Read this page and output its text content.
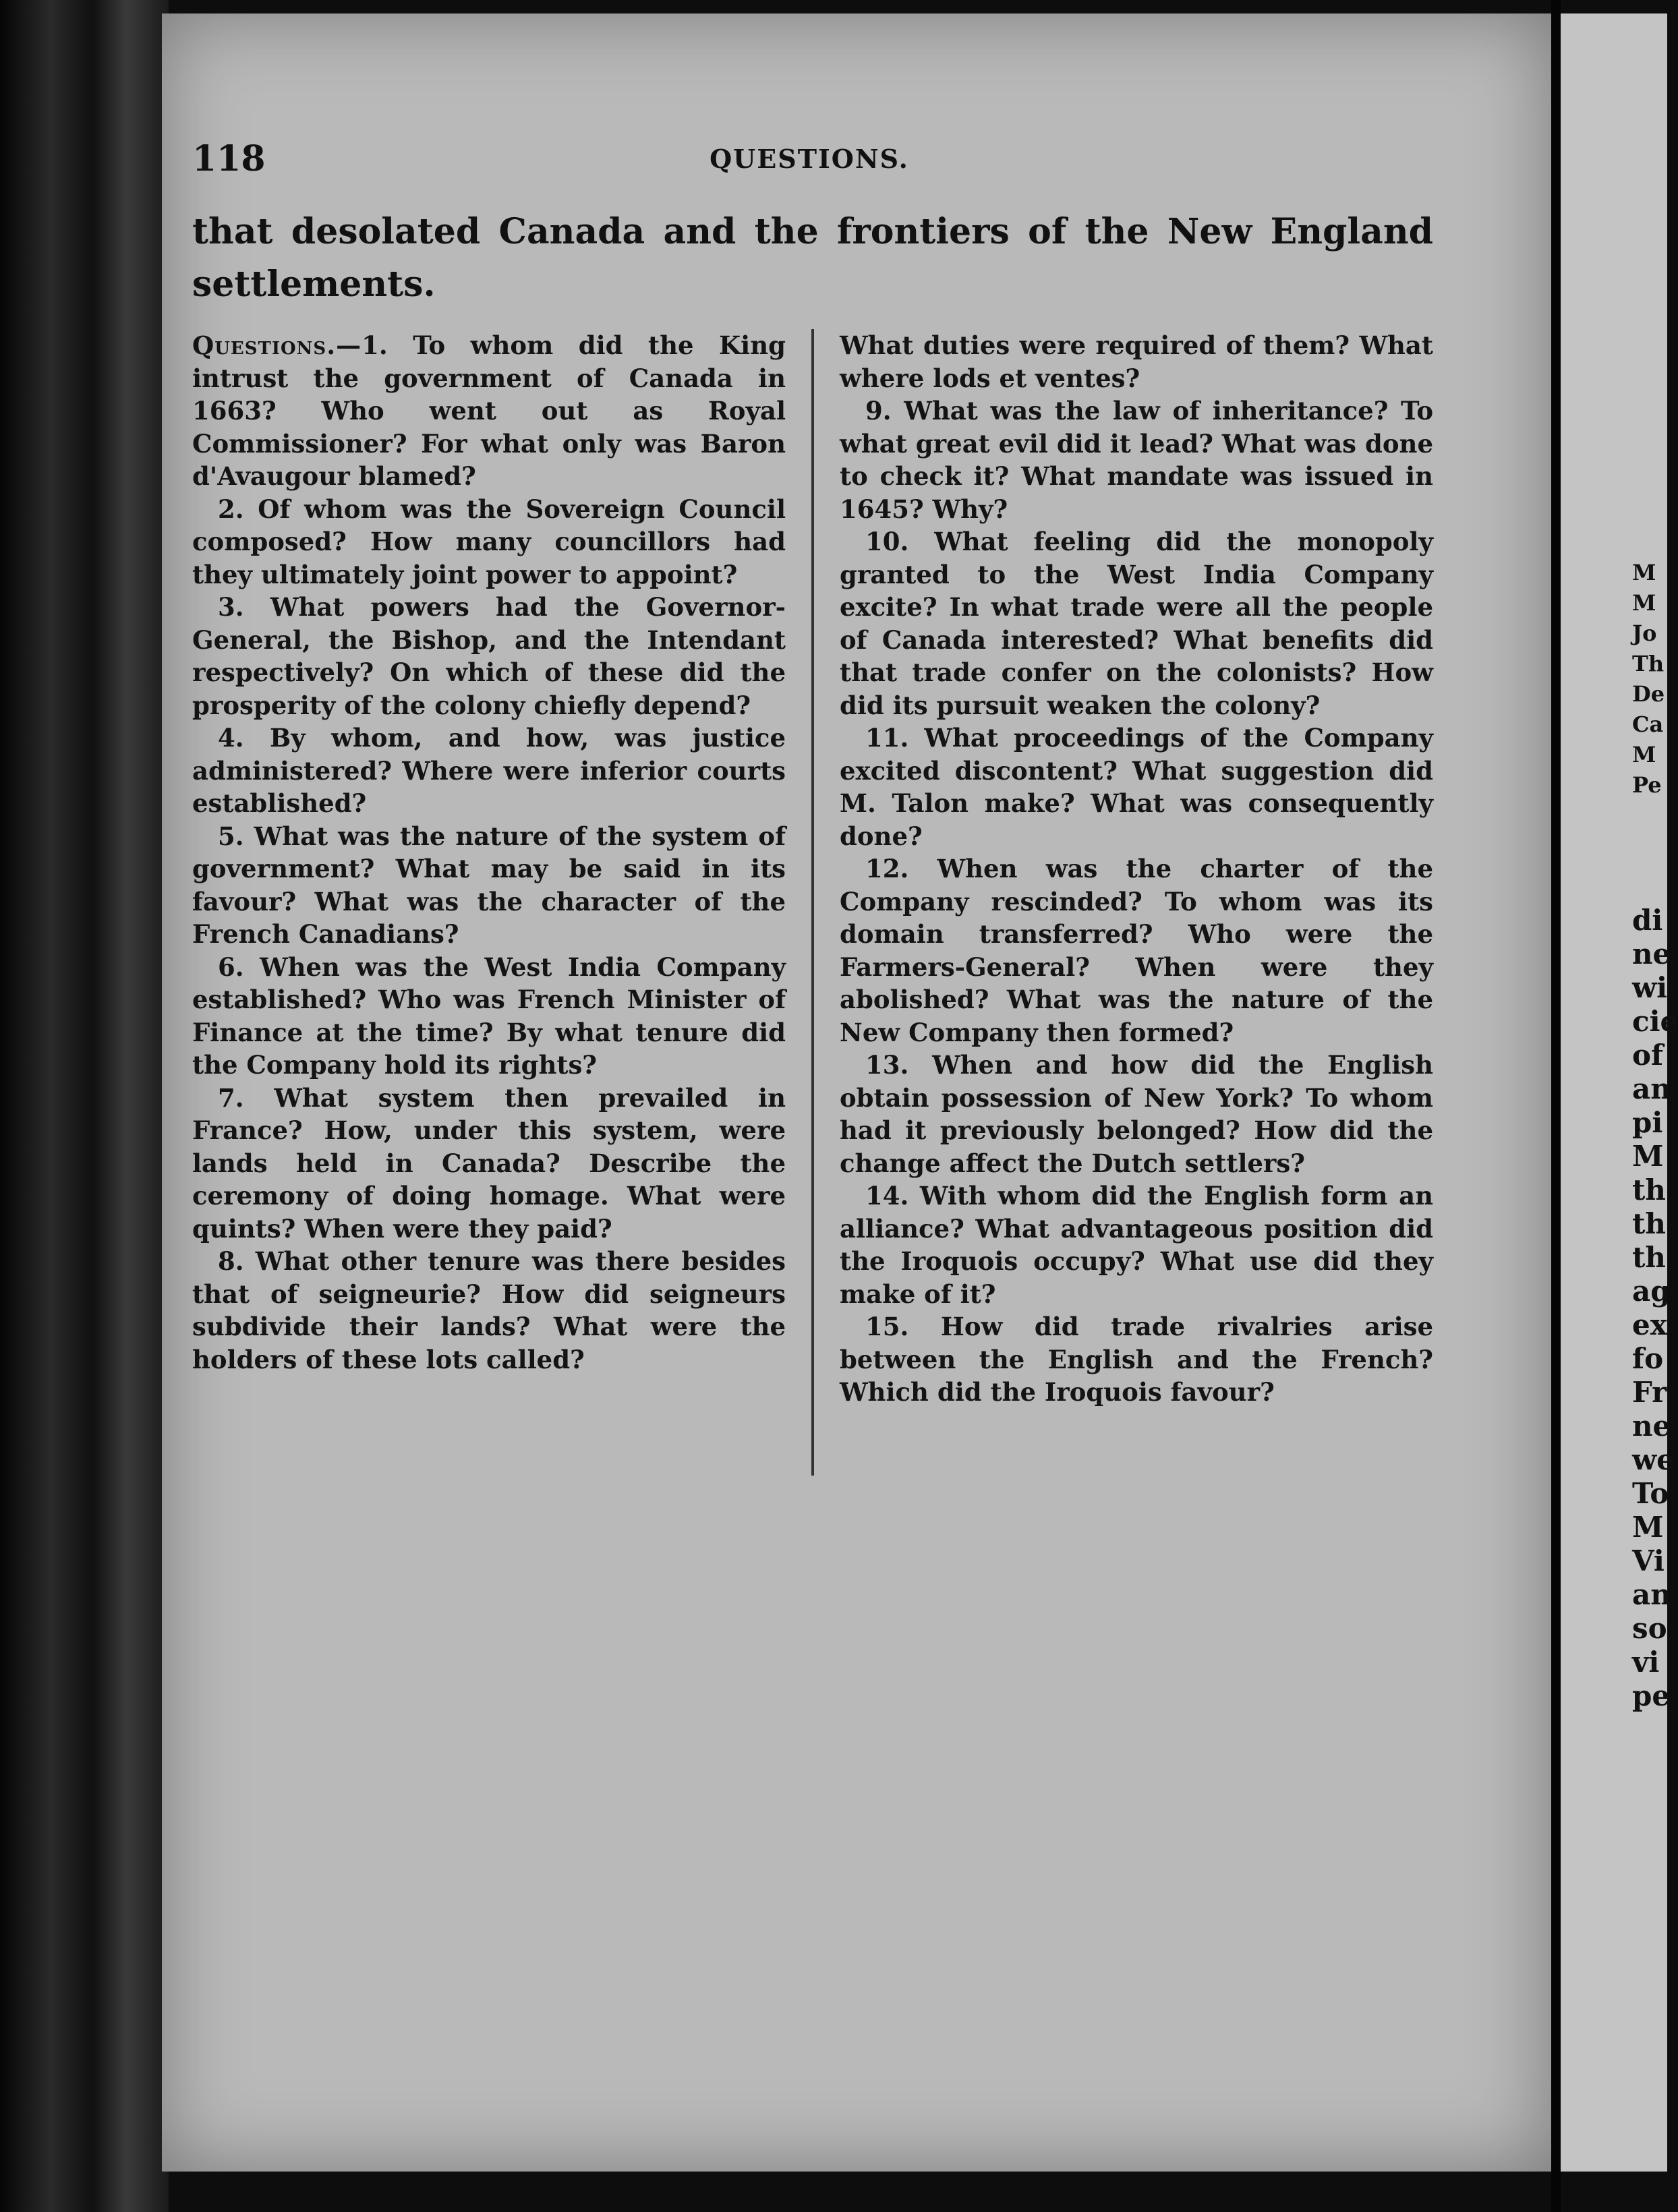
118	QUESTIONS.
that desolated Canada and the frontiers of the New England settlements.

Questions.—1. To whom did the King intrust the government of Canada in 1663? Who went out as Royal Commissioner? For what only was Baron d'Avaugour blamed?

2. Of whom was the Sovereign Council composed? How many councillors had they ultimately joint power to appoint?

3. What powers had the Governor-General, the Bishop, and the Intendant respectively? On which of these did the prosperity of the colony chiefly depend?

4. By whom, and how, was justice administered? Where were inferior courts established?

5. What was the nature of the system of government? What may be said in its favour? What was the character of the French Canadians?

6. When was the West India Company established? Who was French Minister of Finance at the time? By what tenure did the Company hold its rights?

7. What system then prevailed in France? How, under this system, were lands held in Canada? Describe the ceremony of doing homage. What were quints? When were they paid?

8. What other tenure was there besides that of seigneurie? How did seigneurs subdivide their lands? What were the holders of these lots called?

What duties were required of them? What where lods et ventes?

9. What was the law of inheritance? To what great evil did it lead? What was done to check it? What mandate was issued in 1645? Why?

10. What feeling did the monopoly granted to the West India Company excite? In what trade were all the people of Canada interested? What benefits did that trade confer on the colonists? How did its pursuit weaken the colony?

11. What proceedings of the Company excited discontent? What suggestion did M. Talon make? What was consequently done?

12. When was the charter of the Company rescinded? To whom was its domain transferred? Who were the Farmers-General? When were they abolished? What was the nature of the New Company then formed?

13. When and how did the English obtain possession of New York? To whom had it previously belonged? How did the change affect the Dutch settlers?

14. With whom did the English form an alliance? What advantageous position did the Iroquois occupy? What use did they make of it?

15. How did trade rivalries arise between the English and the French? Which did the Iroquois favour?

M
M
Jo
Th
De
Ca
M
Pe
di
ne
wi
cie
of
an
pi
M
th
th
th
ag
ex
fo
Fr
ne
we
To
M
Vi
an
so
vi
pe
